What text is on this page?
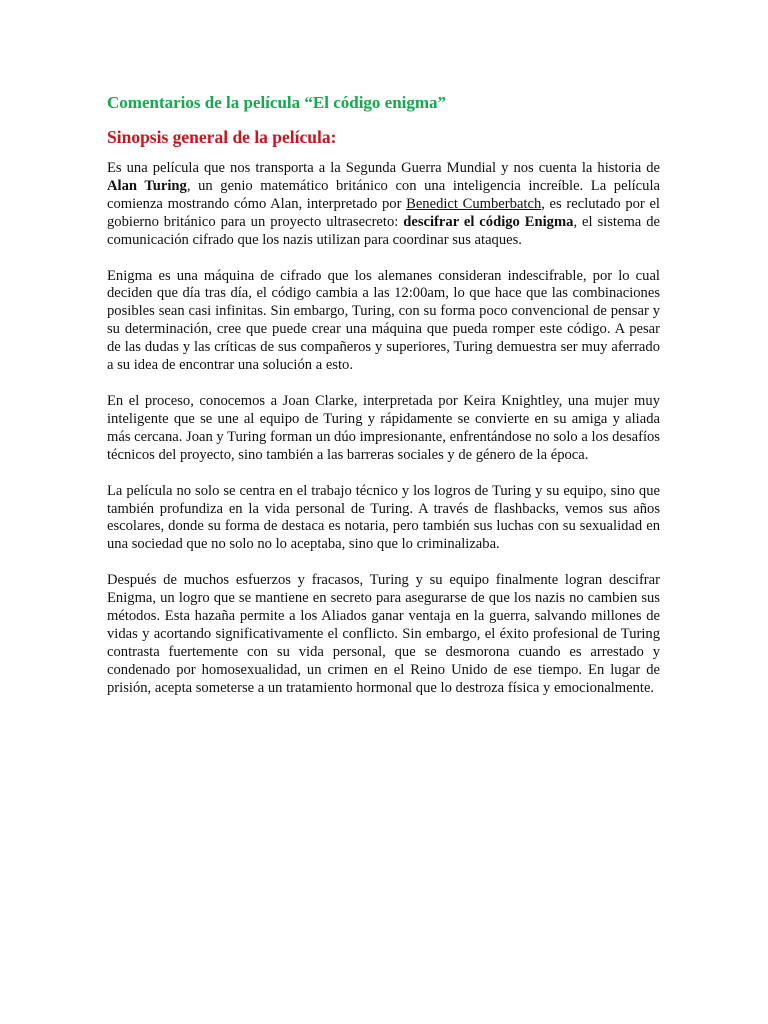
Comentarios de la película “El código enigma”
Sinopsis general de la película:

Es una película que nos transporta a la Segunda Guerra Mundial y nos cuenta la historia de Alan Turing, un genio matemático británico con una inteligencia increíble. La película comienza mostrando cómo Alan, interpretado por Benedict Cumberbatch, es reclutado por el gobierno británico para un proyecto ultrasecreto: descifrar el código Enigma, el sistema de comunicación cifrado que los nazis utilizan para coordinar sus ataques.

Enigma es una máquina de cifrado que los alemanes consideran indescifrable, por lo cual deciden que día tras día, el código cambia a las 12:00am, lo que hace que las combinaciones posibles sean casi infinitas. Sin embargo, Turing, con su forma poco convencional de pensar y su determinación, cree que puede crear una máquina que pueda romper este código. A pesar de las dudas y las críticas de sus compañeros y superiores, Turing demuestra ser muy aferrado a su idea de encontrar una solución a esto.

En el proceso, conocemos a Joan Clarke, interpretada por Keira Knightley, una mujer muy inteligente que se une al equipo de Turing y rápidamente se convierte en su amiga y aliada más cercana. Joan y Turing forman un dúo impresionante, enfrentándose no solo a los desafíos técnicos del proyecto, sino también a las barreras sociales y de género de la época.

La película no solo se centra en el trabajo técnico y los logros de Turing y su equipo, sino que también profundiza en la vida personal de Turing. A través de flashbacks, vemos sus años escolares, donde su forma de destaca es notaria, pero también sus luchas con su sexualidad en una sociedad que no solo no lo aceptaba, sino que lo criminalizaba.

Después de muchos esfuerzos y fracasos, Turing y su equipo finalmente logran descifrar Enigma, un logro que se mantiene en secreto para asegurarse de que los nazis no cambien sus métodos. Esta hazaña permite a los Aliados ganar ventaja en la guerra, salvando millones de vidas y acortando significativamente el conflicto. Sin embargo, el éxito profesional de Turing contrasta fuertemente con su vida personal, que se desmorona cuando es arrestado y condenado por homosexualidad, un crimen en el Reino Unido de ese tiempo. En lugar de prisión, acepta someterse a un tratamiento hormonal que lo destroza física y emocionalmente.
